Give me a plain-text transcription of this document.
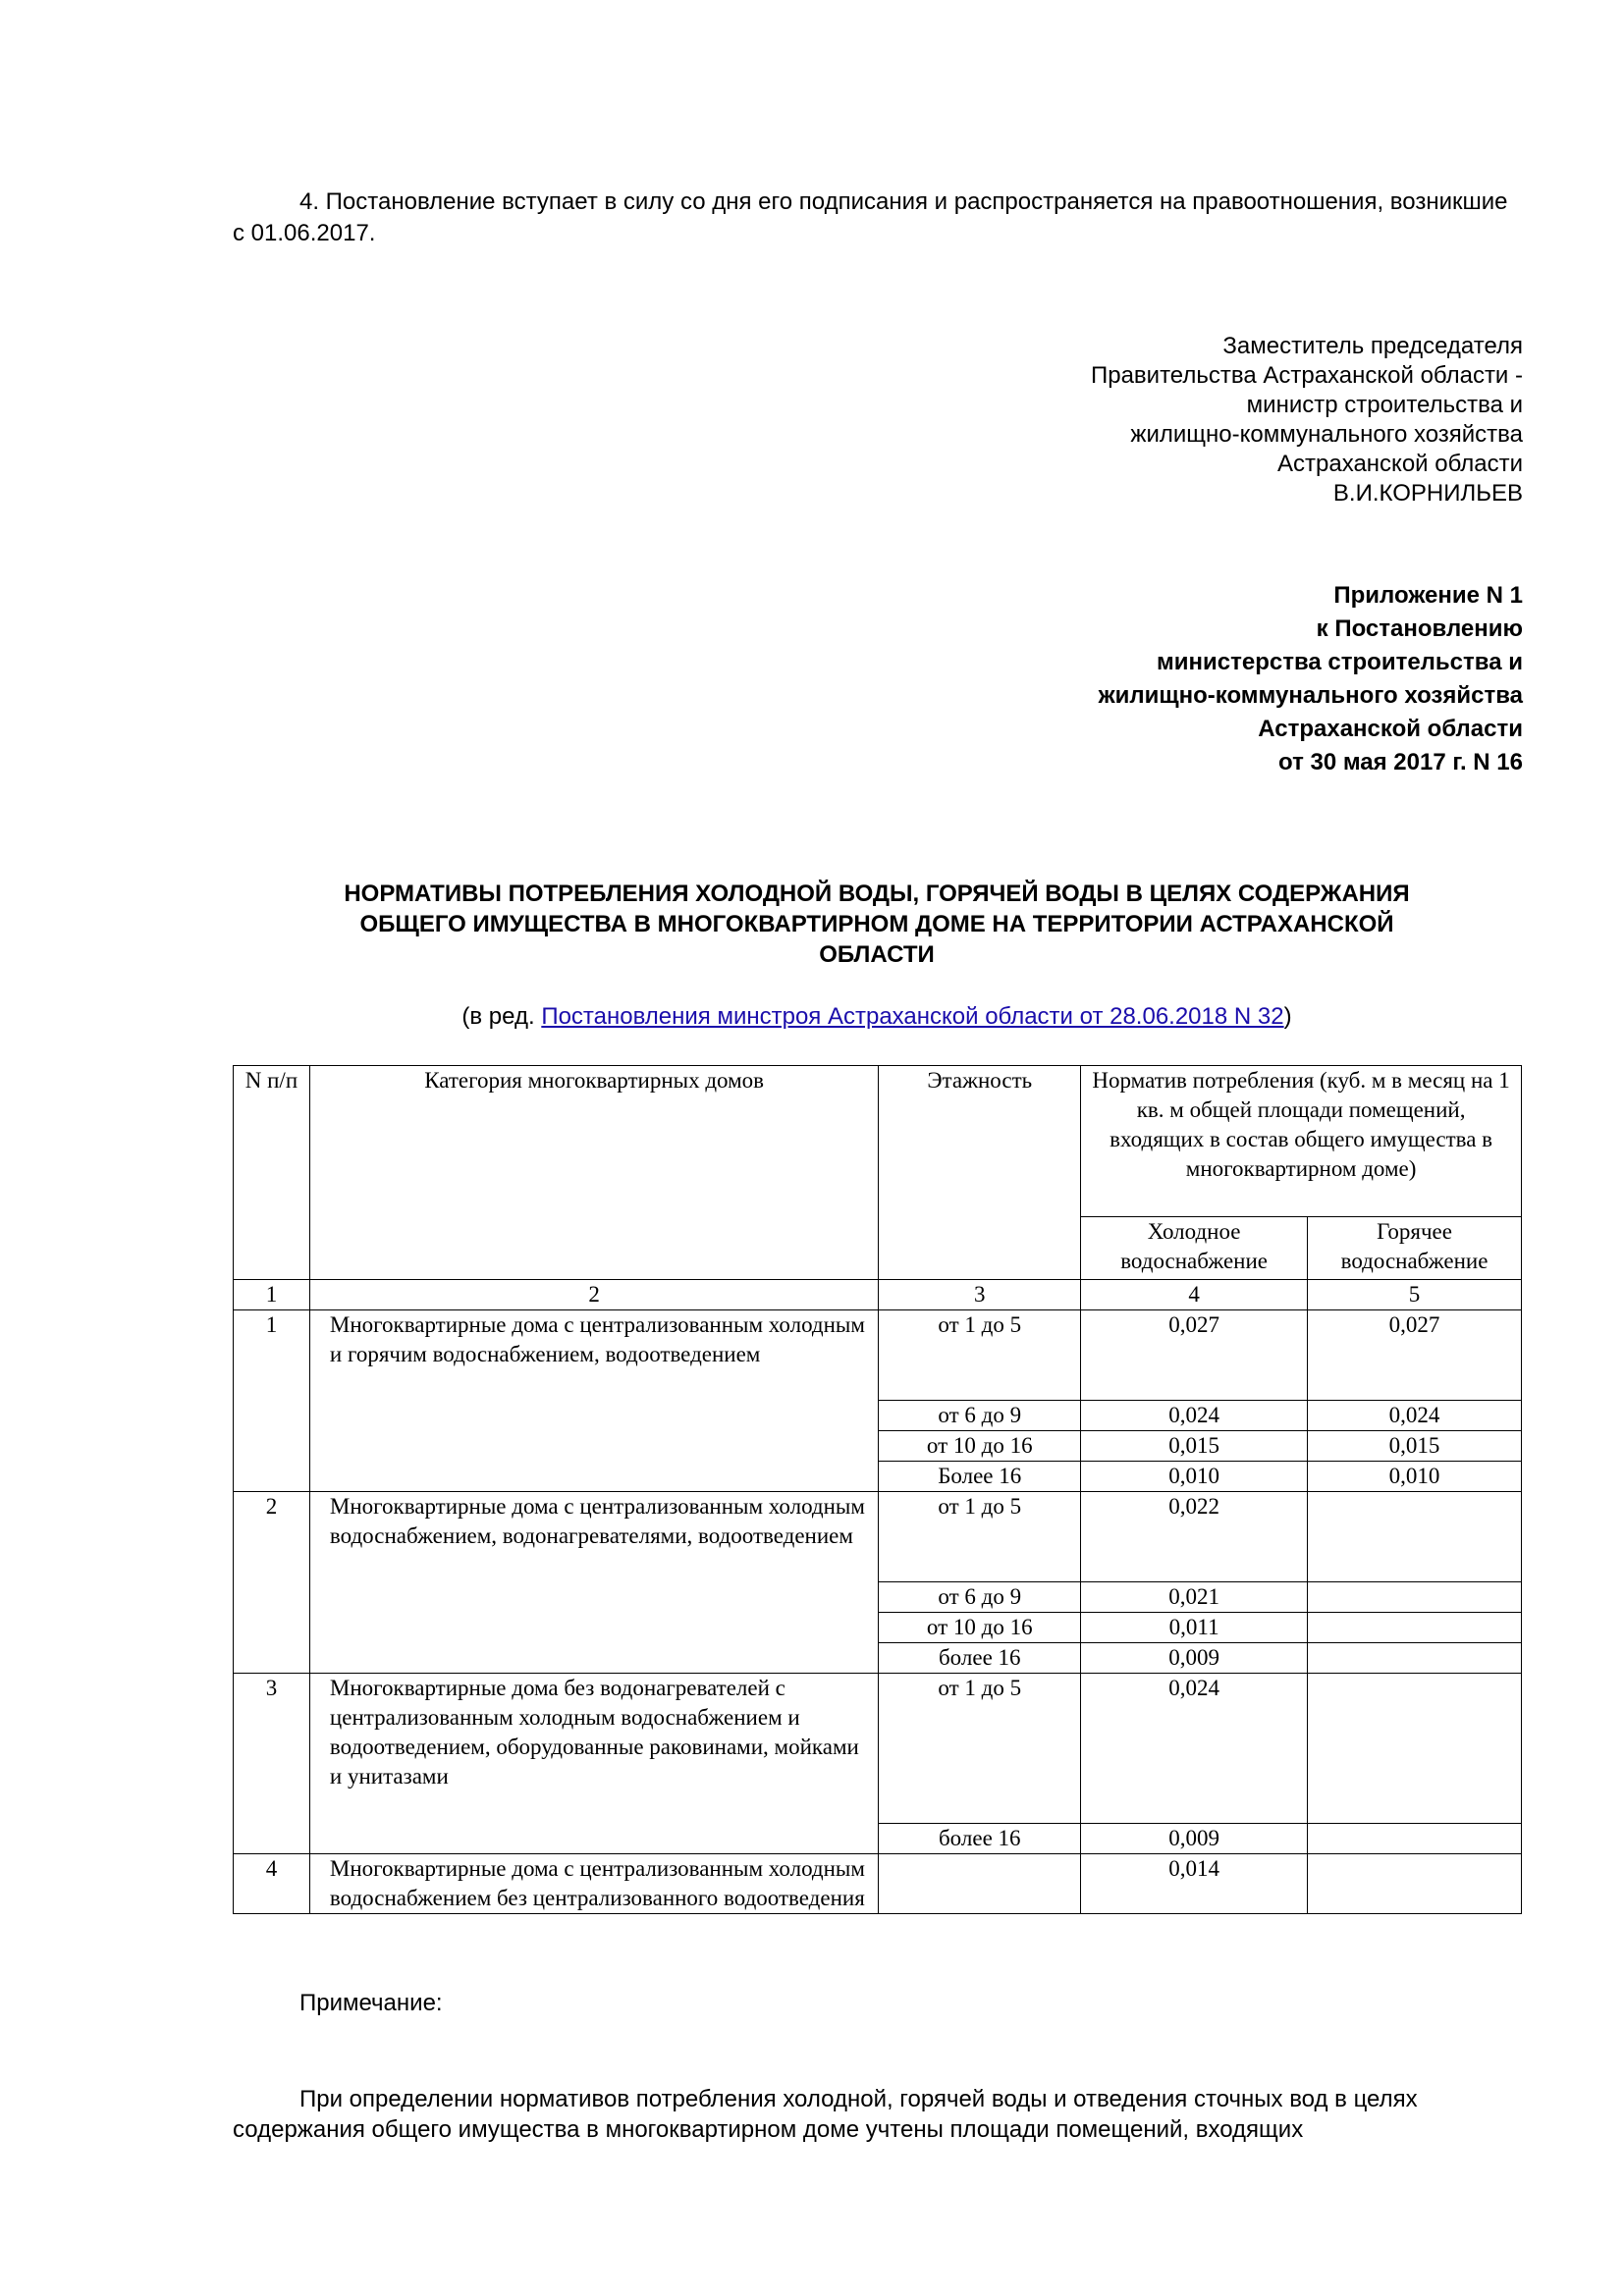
4. Постановление вступает в силу со дня его подписания и распространяется на правоотношения, возникшие с 01.06.2017.
Заместитель председателя
Правительства Астраханской области -
министр строительства и
жилищно-коммунального хозяйства
Астраханской области
В.И.КОРНИЛЬЕВ
Приложение N 1
к Постановлению
министерства строительства и
жилищно-коммунального хозяйства
Астраханской области
от 30 мая 2017 г. N 16
НОРМАТИВЫ ПОТРЕБЛЕНИЯ ХОЛОДНОЙ ВОДЫ, ГОРЯЧЕЙ ВОДЫ В ЦЕЛЯХ СОДЕРЖАНИЯ
ОБЩЕГО ИМУЩЕСТВА В МНОГОКВАРТИРНОМ ДОМЕ НА ТЕРРИТОРИИ АСТРАХАНСКОЙ
ОБЛАСТИ
(в ред. Постановления минстроя Астраханской области от 28.06.2018 N 32)
N п/п	Категория многоквартирных домов	Этажность	Норматив потребления (куб. м в месяц на 1 кв. м общей площади помещений, входящих в состав общего имущества в многоквартирном доме)	
			Холодное водоснабжение	Горячее водоснабжение
1	2	3	4	5
1	Многоквартирные дома с централизованным холодным и горячим водоснабжением, водоотведением	от 1 до 5	0,027	0,027
		от 6 до 9	0,024	0,024
		от 10 до 16	0,015	0,015
		Более 16	0,010	0,010
2	Многоквартирные дома с централизованным холодным водоснабжением, водонагревателями, водоотведением	от 1 до 5	0,022	
		от 6 до 9	0,021	
		от 10 до 16	0,011	
		более 16	0,009	
3	Многоквартирные дома без водонагревателей с централизованным холодным водоснабжением и водоотведением, оборудованные раковинами, мойками и унитазами	от 1 до 5	0,024	
		более 16	0,009	
4	Многоквартирные дома с централизованным холодным водоснабжением без централизованного водоотведения		0,014	
Примечание:
При определении нормативов потребления холодной, горячей воды и отведения сточных вод в целях содержания общего имущества в многоквартирном доме учтены площади помещений, входящих
